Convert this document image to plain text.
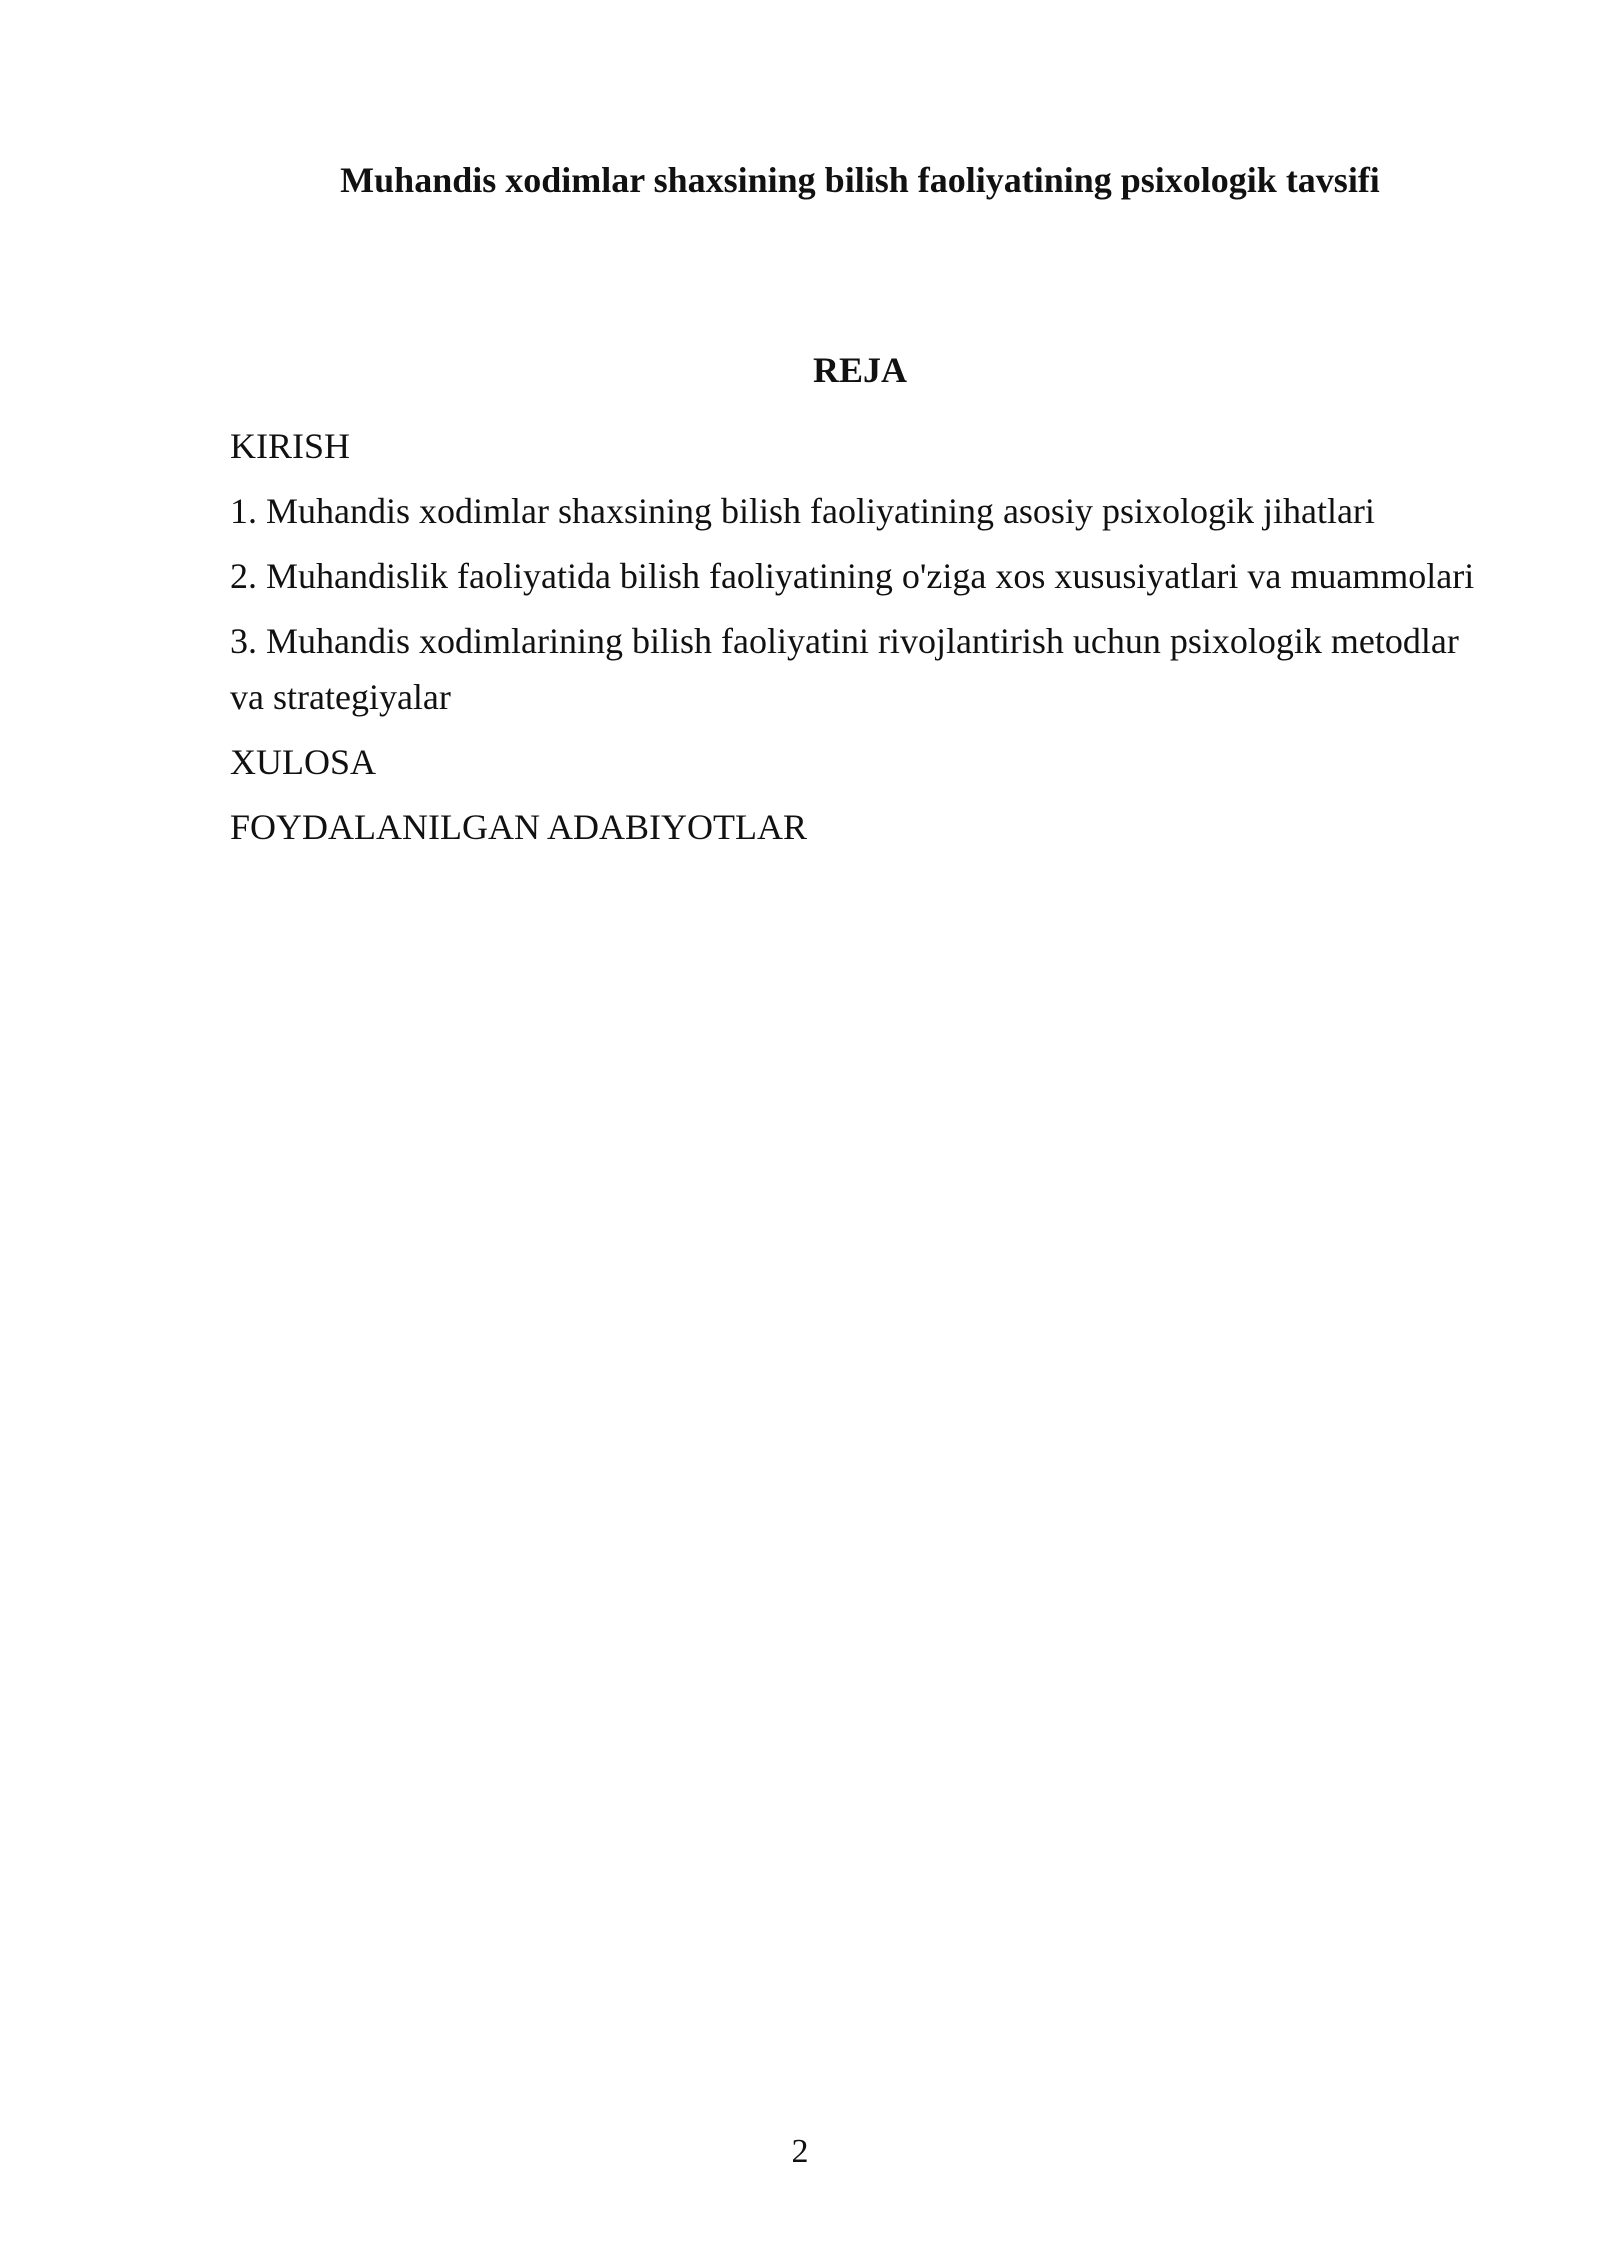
Muhandis xodimlar shaxsining bilish faoliyatining psixologik tavsifi
REJA
KIRISH
1. Muhandis xodimlar shaxsining bilish faoliyatining asosiy psixologik jihatlari
2. Muhandislik faoliyatida bilish faoliyatining o'ziga xos xususiyatlari va muammolari
3. Muhandis xodimlarining bilish faoliyatini rivojlantirish uchun psixologik metodlar va strategiyalar
XULOSA
FOYDALANILGAN ADABIYOTLAR
2
